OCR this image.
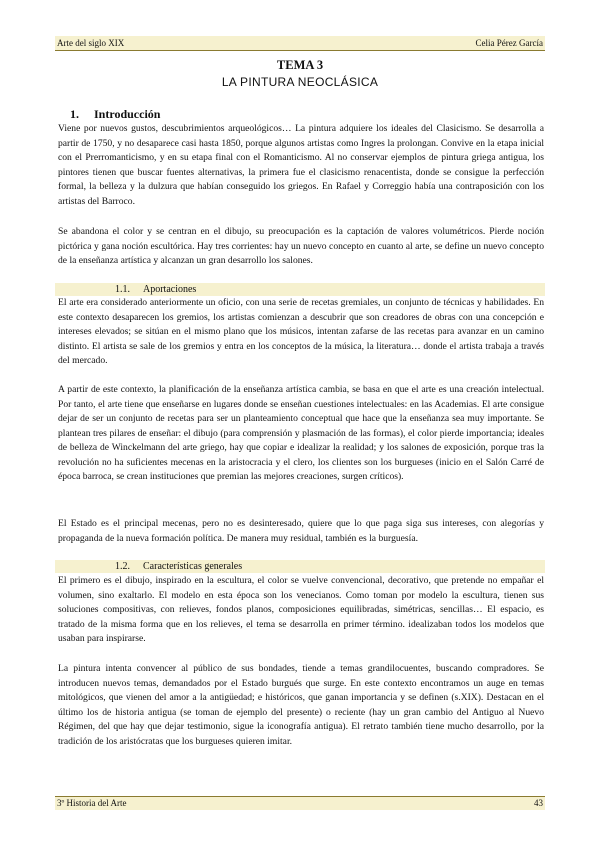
Arte del siglo XIX	Celia Pérez García
TEMA 3
LA PINTURA NEOCLÁSICA
1. Introducción

Viene por nuevos gustos, descubrimientos arqueológicos… La pintura adquiere los ideales del Clasicismo. Se desarrolla a partir de 1750, y no desaparece casi hasta 1850, porque algunos artistas como Ingres la prolongan. Convive en la etapa inicial con el Prerromanticismo, y en su etapa final con el Romanticismo. Al no conservar ejemplos de pintura griega antigua, los pintores tienen que buscar fuentes alternativas, la primera fue el clasicismo renacentista, donde se consigue la perfección formal, la belleza y la dulzura que habían conseguido los griegos. En Rafael y Correggio había una contraposición con los artistas del Barroco.

Se abandona el color y se centran en el dibujo, su preocupación es la captación de valores volumétricos. Pierde noción pictórica y gana noción escultórica. Hay tres corrientes: hay un nuevo concepto en cuanto al arte, se define un nuevo concepto de la enseñanza artística y alcanzan un gran desarrollo los salones.

1.1. Aportaciones

El arte era considerado anteriormente un oficio, con una serie de recetas gremiales, un conjunto de técnicas y habilidades. En este contexto desaparecen los gremios, los artistas comienzan a descubrir que son creadores de obras con una concepción e intereses elevados; se sitúan en el mismo plano que los músicos, intentan zafarse de las recetas para avanzar en un camino distinto. El artista se sale de los gremios y entra en los conceptos de la música, la literatura… donde el artista trabaja a través del mercado.

A partir de este contexto, la planificación de la enseñanza artística cambia, se basa en que el arte es una creación intelectual. Por tanto, el arte tiene que enseñarse en lugares donde se enseñan cuestiones intelectuales: en las Academias. El arte consigue dejar de ser un conjunto de recetas para ser un planteamiento conceptual que hace que la enseñanza sea muy importante. Se plantean tres pilares de enseñar: el dibujo (para comprensión y plasmación de las formas), el color pierde importancia; ideales de belleza de Winckelmann del arte griego, hay que copiar e idealizar la realidad; y los salones de exposición, porque tras la revolución no ha suficientes mecenas en la aristocracia y el clero, los clientes son los burgueses (inicio en el Salón Carré de época barroca, se crean instituciones que premian las mejores creaciones, surgen críticos).

El Estado es el principal mecenas, pero no es desinteresado, quiere que lo que paga siga sus intereses, con alegorías y propaganda de la nueva formación política. De manera muy residual, también es la burguesía.

1.2. Características generales

El primero es el dibujo, inspirado en la escultura, el color se vuelve convencional, decorativo, que pretende no empañar el volumen, sino exaltarlo. El modelo en esta época son los venecianos. Como toman por modelo la escultura, tienen sus soluciones compositivas, con relieves, fondos planos, composiciones equilibradas, simétricas, sencillas… El espacio, es tratado de la misma forma que en los relieves, el tema se desarrolla en primer término. idealizaban todos los modelos que usaban para inspirarse.

La pintura intenta convencer al público de sus bondades, tiende a temas grandilocuentes, buscando compradores. Se introducen nuevos temas, demandados por el Estado burgués que surge. En este contexto encontramos un auge en temas mitológicos, que vienen del amor a la antigüedad; e históricos, que ganan importancia y se definen (s.XIX). Destacan en el último los de historia antigua (se toman de ejemplo del presente) o reciente (hay un gran cambio del Antiguo al Nuevo Régimen, del que hay que dejar testimonio, sigue la iconografía antigua). El retrato también tiene mucho desarrollo, por la tradición de los aristócratas que los burgueses quieren imitar.

3º Historia del Arte	43
